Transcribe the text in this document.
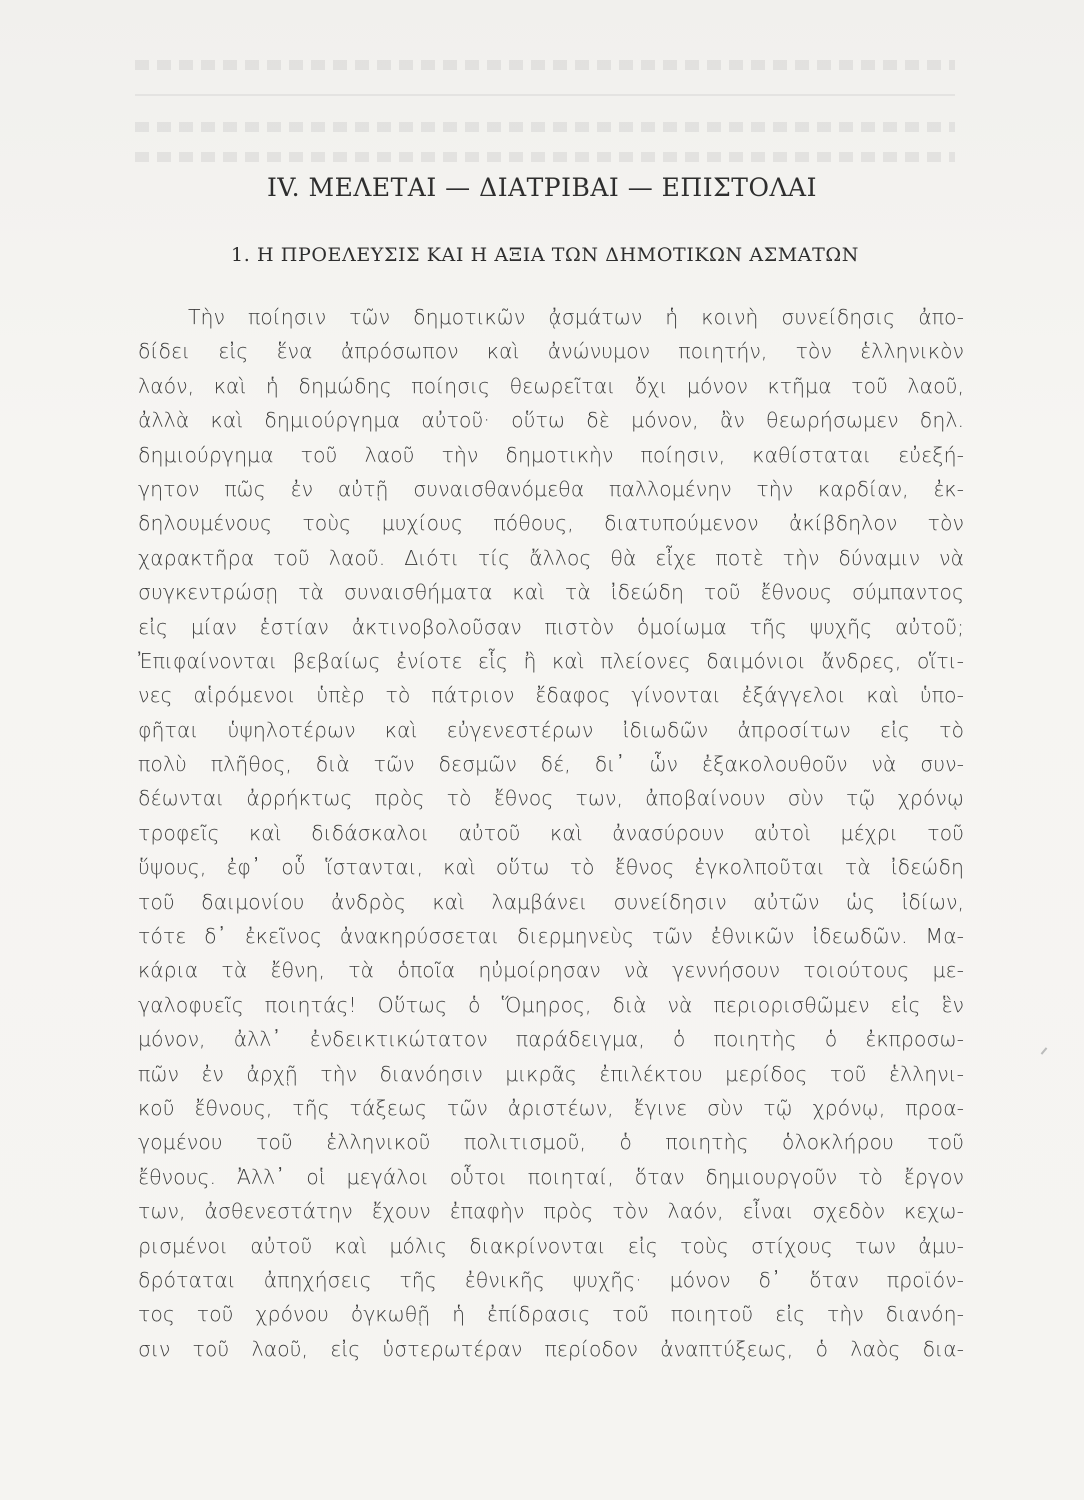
IV. ΜΕΛΕΤΑΙ — ΔΙΑΤΡΙΒΑΙ — ΕΠΙΣΤΟΛΑΙ
1. Η ΠΡΟΕΛΕΥΣΙΣ ΚΑΙ Η ΑΞΙΑ ΤΩΝ ΔΗΜΟΤΙΚΩΝ ΑΣΜΑΤΩΝ
Τὴν ποίησιν τῶν δημοτικῶν ᾀσμάτων ἡ κοινὴ συνείδησις ἀπο-
δίδει εἰς ἕνα ἀπρόσωπον καὶ ἀνώνυμον ποιητήν, τὸν ἑλληνικὸν
λαόν, καὶ ἡ δημώδης ποίησις θεωρεῖται ὄχι μόνον κτῆμα τοῦ λαοῦ,
ἀλλὰ καὶ δημιούργημα αὐτοῦ· οὕτω δὲ μόνον, ἂν θεωρήσωμεν δηλ.
δημιούργημα τοῦ λαοῦ τὴν δημοτικὴν ποίησιν, καθίσταται εὐεξή-
γητον πῶς ἐν αὐτῇ συναισθανόμεθα παλλομένην τὴν καρδίαν, ἐκ-
δηλουμένους τοὺς μυχίους πόθους, διατυπούμενον ἀκίβδηλον τὸν
χαρακτῆρα τοῦ λαοῦ. Διότι τίς ἄλλος θὰ εἶχε ποτὲ τὴν δύναμιν νὰ
συγκεντρώσῃ τὰ συναισθήματα καὶ τὰ ἰδεώδη τοῦ ἔθνους σύμπαντος
εἰς μίαν ἑστίαν ἀκτινοβολοῦσαν πιστὸν ὁμοίωμα τῆς ψυχῆς αὐτοῦ;
Ἐπιφαίνονται βεβαίως ἐνίοτε εἷς ἢ καὶ πλείονες δαιμόνιοι ἄνδρες, οἵτι-
νες αἱρόμενοι ὑπὲρ τὸ πάτριον ἔδαφος γίνονται ἐξάγγελοι καὶ ὑπο-
φῆται ὑψηλοτέρων καὶ εὐγενεστέρων ἰδιωδῶν ἀπροσίτων εἰς τὸ
πολὺ πλῆθος, διὰ τῶν δεσμῶν δέ, δι᾽ ὧν ἐξακολουθοῦν νὰ συν-
δέωνται ἀρρήκτως πρὸς τὸ ἔθνος των, ἀποβαίνουν σὺν τῷ χρόνῳ
τροφεῖς καὶ διδάσκαλοι αὐτοῦ καὶ ἀνασύρουν αὐτοὶ μέχρι τοῦ
ὕψους, ἐφ᾽ οὗ ἵστανται, καὶ οὕτω τὸ ἔθνος ἐγκολποῦται τὰ ἰδεώδη
τοῦ δαιμονίου ἀνδρὸς καὶ λαμβάνει συνείδησιν αὐτῶν ὡς ἰδίων,
τότε δ᾽ ἐκεῖνος ἀνακηρύσσεται διερμηνεὺς τῶν ἐθνικῶν ἰδεωδῶν. Μα-
κάρια τὰ ἔθνη, τὰ ὁποῖα ηὐμοίρησαν νὰ γεννήσουν τοιούτους με-
γαλοφυεῖς ποιητάς! Οὕτως ὁ Ὅμηρος, διὰ νὰ περιορισθῶμεν εἰς ἓν
μόνον, ἀλλ᾽ ἐνδεικτικώτατον παράδειγμα, ὁ ποιητὴς ὁ ἐκπροσω-
πῶν ἐν ἀρχῇ τὴν διανόησιν μικρᾶς ἐπιλέκτου μερίδος τοῦ ἑλληνι-
κοῦ ἔθνους, τῆς τάξεως τῶν ἀριστέων, ἔγινε σὺν τῷ χρόνῳ, προα-
γομένου τοῦ ἑλληνικοῦ πολιτισμοῦ, ὁ ποιητὴς ὁλοκλήρου τοῦ
ἔθνους. Ἀλλ᾽ οἱ μεγάλοι οὗτοι ποιηταί, ὅταν δημιουργοῦν τὸ ἔργον
των, ἀσθενεστάτην ἔχουν ἐπαφὴν πρὸς τὸν λαόν, εἶναι σχεδὸν κεχω-
ρισμένοι αὐτοῦ καὶ μόλις διακρίνονται εἰς τοὺς στίχους των ἀμυ-
δρόταται ἀπηχήσεις τῆς ἐθνικῆς ψυχῆς· μόνον δ᾽ ὅταν προϊόν-
τος τοῦ χρόνου ὀγκωθῇ ἡ ἐπίδρασις τοῦ ποιητοῦ εἰς τὴν διανόη-
σιν τοῦ λαοῦ, εἰς ὑστερωτέραν περίοδον ἀναπτύξεως, ὁ λαὸς δια-
